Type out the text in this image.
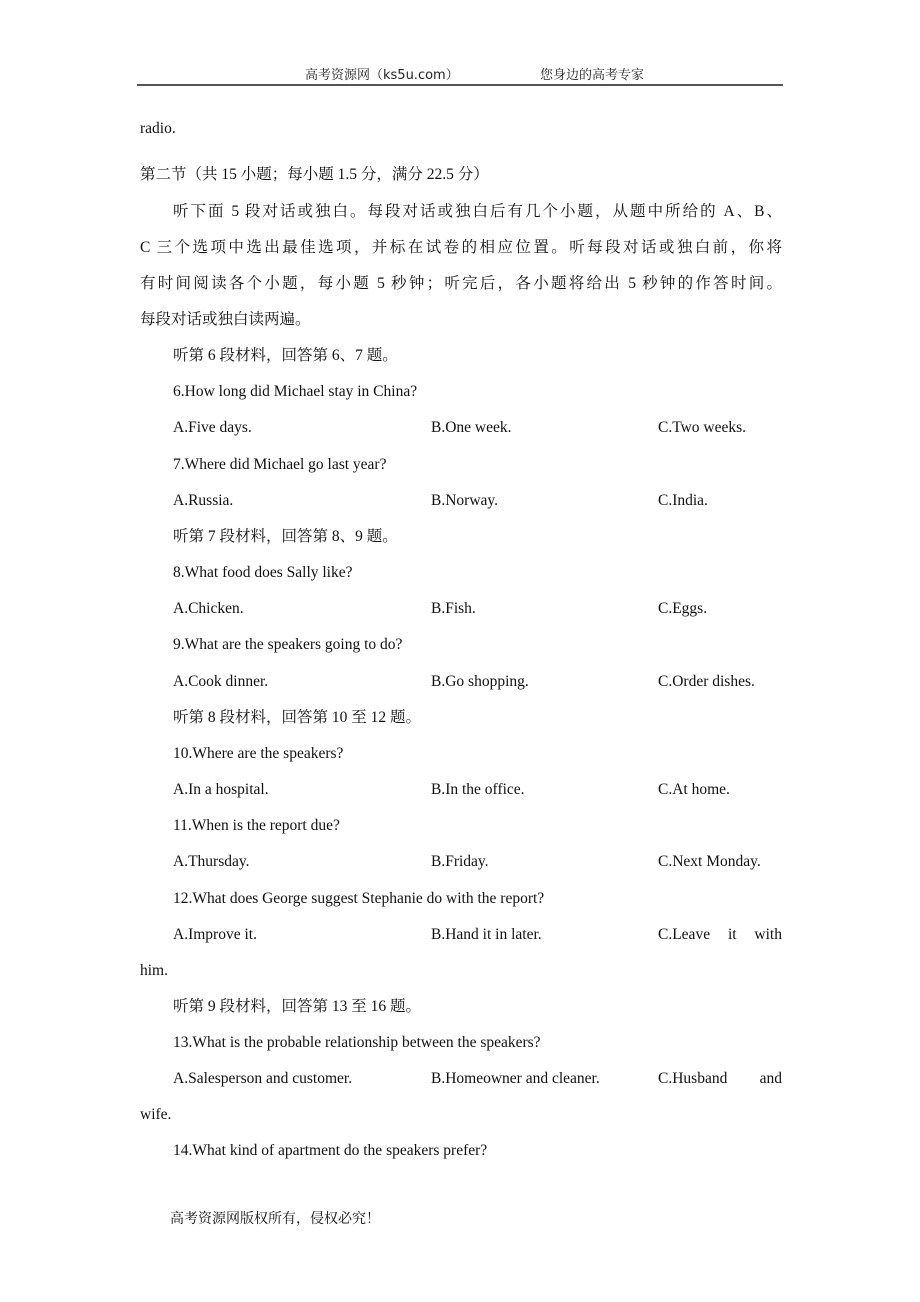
高考资源网（ks5u.com）	您身边的高考专家
radio.
第二节（共 15 小题；每小题 1.5 分，满分 22.5 分）
听下面 5 段对话或独白。每段对话或独白后有几个小题，从题中所给的 A、B、
C 三个选项中选出最佳选项，并标在试卷的相应位置。听每段对话或独白前，你将
有时间阅读各个小题，每小题 5 秒钟；听完后，各小题将给出 5 秒钟的作答时间。
每段对话或独白读两遍。
听第 6 段材料，回答第 6、7 题。
6.How long did Michael stay in China?
A.Five days.	B.One week.	C.Two weeks.
7.Where did Michael go last year?
A.Russia.	B.Norway.	C.India.
听第 7 段材料，回答第 8、9 题。
8.What food does Sally like?
A.Chicken.	B.Fish.	C.Eggs.
9.What are the speakers going to do?
A.Cook dinner.	B.Go shopping.	C.Order dishes.
听第 8 段材料，回答第 10 至 12 题。
10.Where are the speakers?
A.In a hospital.	B.In the office.	C.At home.
11.When is the report due?
A.Thursday.	B.Friday.	C.Next Monday.
12.What does George suggest Stephanie do with the report?
A.Improve it.	B.Hand it in later.	C.Leave it with
him.
听第 9 段材料，回答第 13 至 16 题。
13.What is the probable relationship between the speakers?
A.Salesperson and customer.	B.Homeowner and cleaner.	C.Husband and
wife.
14.What kind of apartment do the speakers prefer?
高考资源网版权所有，侵权必究！
